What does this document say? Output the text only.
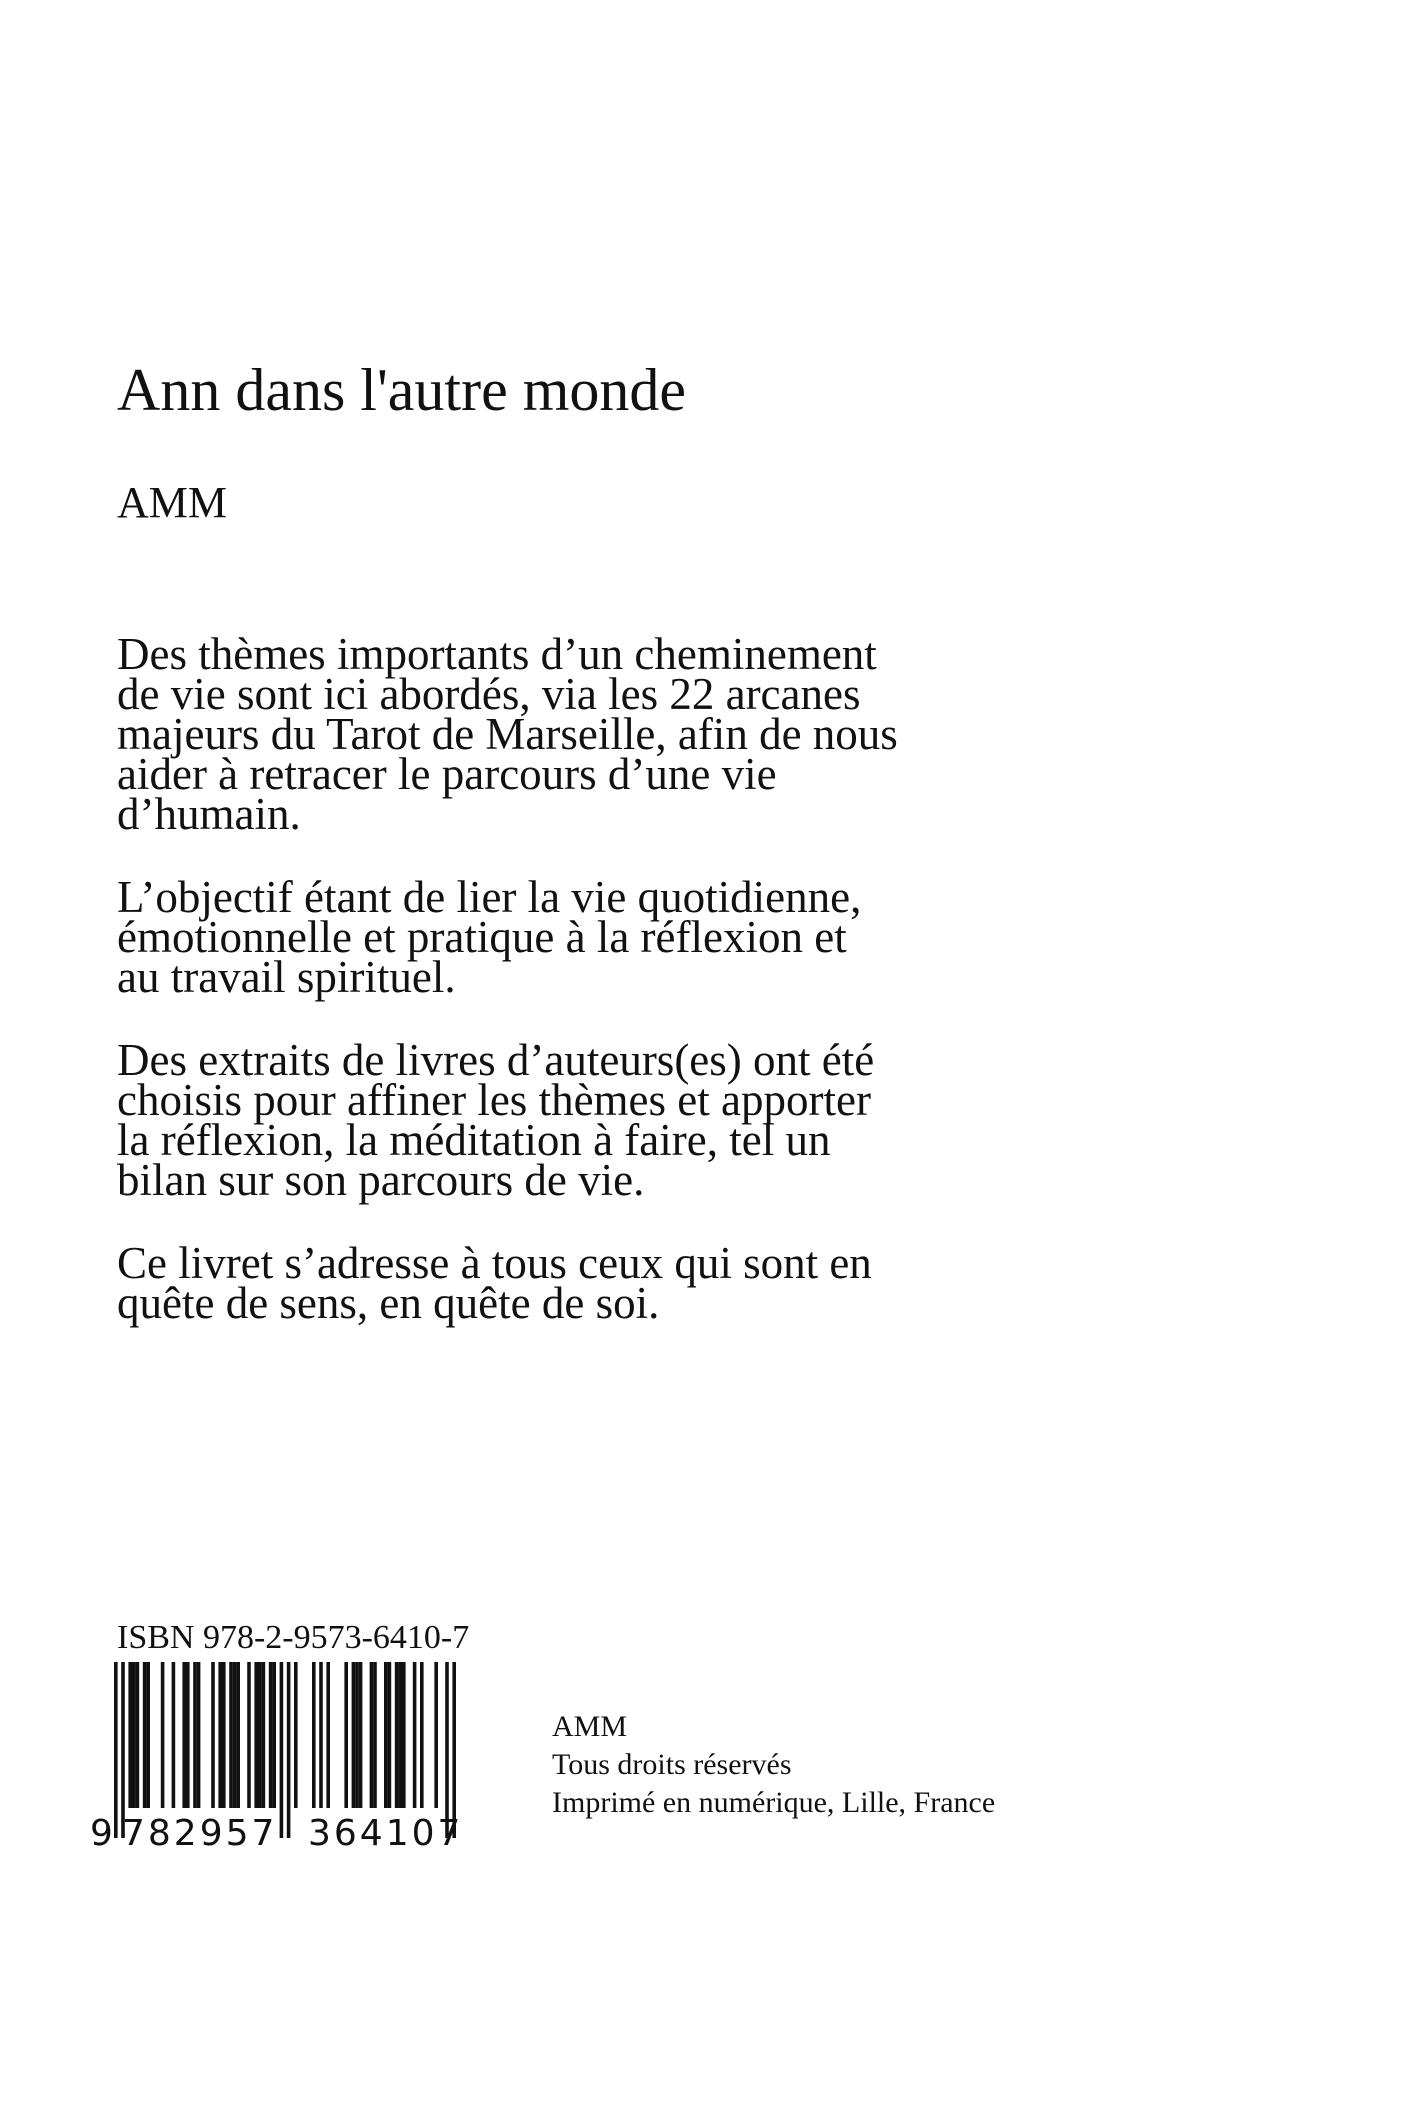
Ann dans l'autre monde
AMM

Des thèmes importants d’un cheminement
de vie sont ici abordés, via les 22 arcanes
majeurs du Tarot de Marseille, afin de nous
aider à retracer le parcours d’une vie
d’humain.

L’objectif étant de lier la vie quotidienne,
émotionnelle et pratique à la réflexion et
au travail spirituel.

Des extraits de livres d’auteurs(es) ont été
choisis pour affiner les thèmes et apporter
la réflexion, la méditation à faire, tel un
bilan sur son parcours de vie.

Ce livret s’adresse à tous ceux qui sont en
quête de sens, en quête de soi.

ISBN 978-2-9573-6410-7
9 782957 364107
AMM
Tous droits réservés
Imprimé en numérique, Lille, France
